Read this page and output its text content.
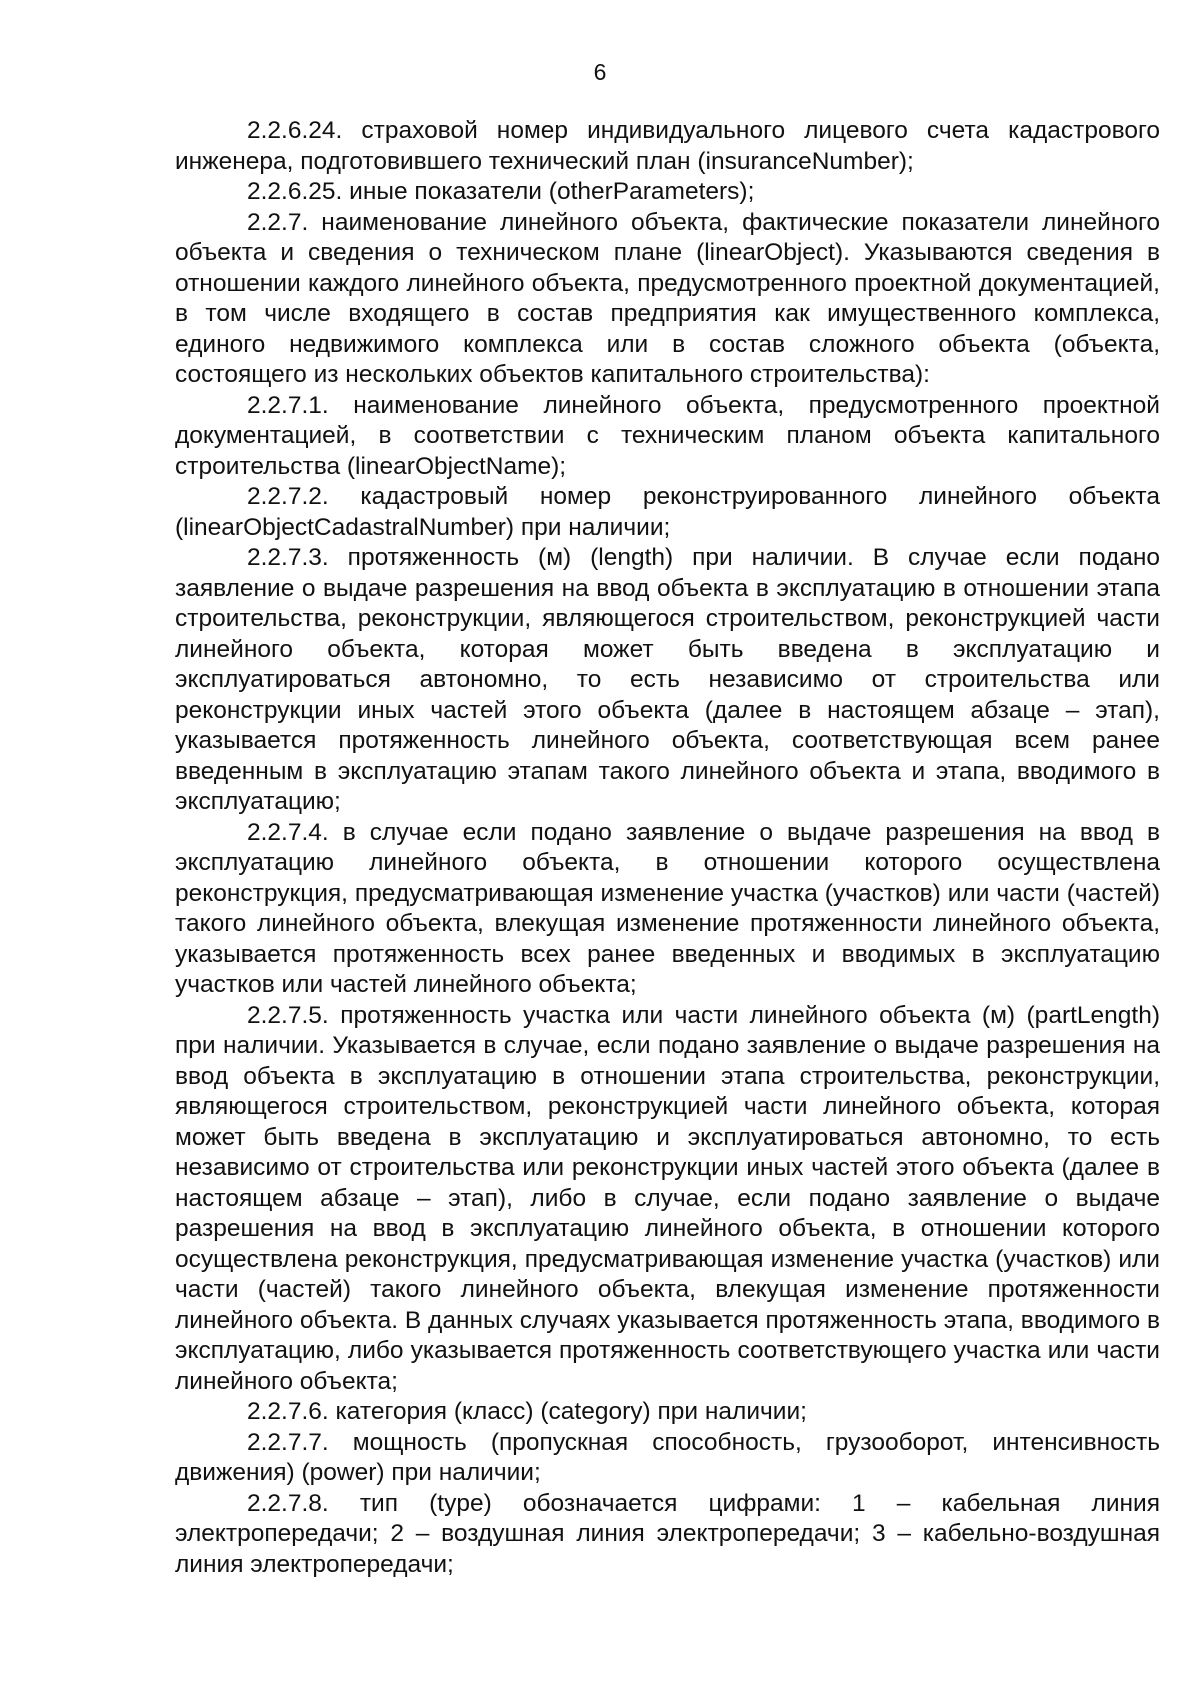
6

2.2.6.24. страховой номер индивидуального лицевого счета кадастрового инженера, подготовившего технический план (insuranceNumber);

2.2.6.25. иные показатели (otherParameters);

2.2.7. наименование линейного объекта, фактические показатели линейного объекта и сведения о техническом плане (linearObject). Указываются сведения в отношении каждого линейного объекта, предусмотренного проектной документацией, в том числе входящего в состав предприятия как имущественного комплекса, единого недвижимого комплекса или в состав сложного объекта (объекта, состоящего из нескольких объектов капитального строительства):

2.2.7.1. наименование линейного объекта, предусмотренного проектной документацией, в соответствии с техническим планом объекта капитального строительства (linearObjectName);

2.2.7.2. кадастровый номер реконструированного линейного объекта (linearObjectCadastralNumber) при наличии;

2.2.7.3. протяженность (м) (length) при наличии. В случае если подано заявление о выдаче разрешения на ввод объекта в эксплуатацию в отношении этапа строительства, реконструкции, являющегося строительством, реконструкцией части линейного объекта, которая может быть введена в эксплуатацию и эксплуатироваться автономно, то есть независимо от строительства или реконструкции иных частей этого объекта (далее в настоящем абзаце – этап), указывается протяженность линейного объекта, соответствующая всем ранее введенным в эксплуатацию этапам такого линейного объекта и этапа, вводимого в эксплуатацию;

2.2.7.4. в случае если подано заявление о выдаче разрешения на ввод в эксплуатацию линейного объекта, в отношении которого осуществлена реконструкция, предусматривающая изменение участка (участков) или части (частей) такого линейного объекта, влекущая изменение протяженности линейного объекта, указывается протяженность всех ранее введенных и вводимых в эксплуатацию участков или частей линейного объекта;

2.2.7.5. протяженность участка или части линейного объекта (м) (partLength) при наличии. Указывается в случае, если подано заявление о выдаче разрешения на ввод объекта в эксплуатацию в отношении этапа строительства, реконструкции, являющегося строительством, реконструкцией части линейного объекта, которая может быть введена в эксплуатацию и эксплуатироваться автономно, то есть независимо от строительства или реконструкции иных частей этого объекта (далее в настоящем абзаце – этап), либо в случае, если подано заявление о выдаче разрешения на ввод в эксплуатацию линейного объекта, в отношении которого осуществлена реконструкция, предусматривающая изменение участка (участков) или части (частей) такого линейного объекта, влекущая изменение протяженности линейного объекта. В данных случаях указывается протяженность этапа, вводимого в эксплуатацию, либо указывается протяженность соответствующего участка или части линейного объекта;

2.2.7.6. категория (класс) (category) при наличии;

2.2.7.7. мощность (пропускная способность, грузооборот, интенсивность движения) (power) при наличии;

2.2.7.8. тип (type) обозначается цифрами: 1 – кабельная линия электропередачи; 2 – воздушная линия электропередачи; 3 – кабельно-воздушная линия электропередачи;
